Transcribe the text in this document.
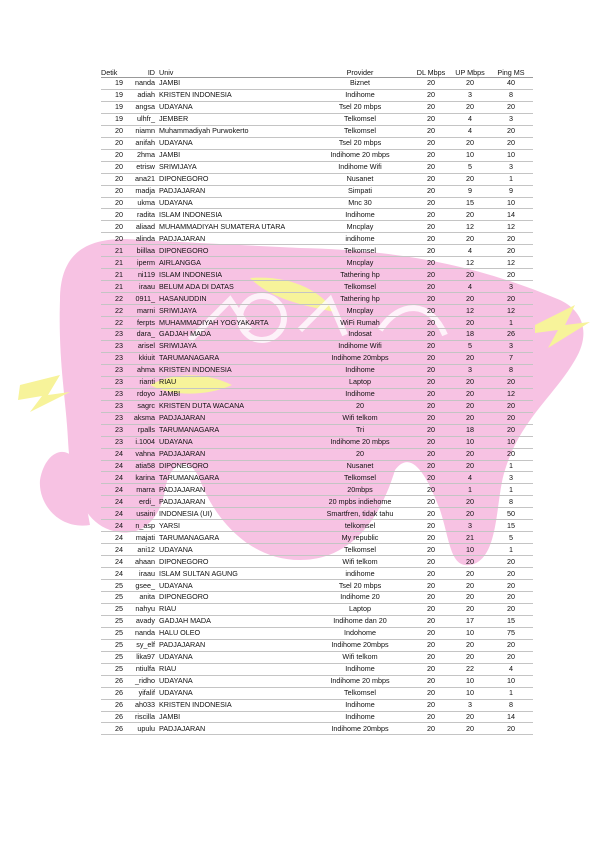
Detik	ID	Univ	Provider	DL Mbps	UP Mbps	Ping MS
19	nanda	JAMBI	Biznet	20	20	40
19	adiah	KRISTEN INDONESIA	Indihome	20	3	8
19	angsa	UDAYANA	Tsel 20 mbps	20	20	20
19	ulhfr_	JEMBER	Telkomsel	20	4	3
20	niamn	Muhammadiyah Purwokerto	Telkomsel	20	4	20
20	anifah	UDAYANA	Tsel 20 mbps	20	20	20
20	2hma	JAMBI	Indihome 20 mbps	20	10	10
20	etrisw	SRIWIJAYA	Indihome Wifi	20	5	3
20	ana21	DIPONEGORO	Nusanet	20	20	1
20	madja	PADJAJARAN	Simpati	20	9	9
20	ukma	UDAYANA	Mnc 30	20	15	10
20	radita	ISLAM INDONESIA	Indihome	20	20	14
20	aliaad	MUHAMMADIYAH SUMATERA UTARA	Mncplay	20	12	12
20	alinda	PADJAJARAN	indihome	20	20	20
21	biillaa	DIPONEGORO	Telkomsel	20	4	20
21	iperm	AIRLANGGA	Mncplay	20	12	12
21	ni119	ISLAM INDONESIA	Tathering hp	20	20	20
21	iraau	BELUM ADA DI DATAS	Telkomsel	20	4	3
22	0911_	HASANUDDIN	Tathering hp	20	20	20
22	marni	SRIWIJAYA	Mncplay	20	12	12
22	ferpts	MUHAMMADIYAH YOGYAKARTA	WiFi Rumah	20	20	1
23	dara_	GADJAH MADA	Indosat	20	18	26
23	arisel	SRIWIJAYA	Indihome Wifi	20	5	3
23	kkiuit	TARUMANAGARA	Indihome 20mbps	20	20	7
23	ahma	KRISTEN INDONESIA	Indihome	20	3	8
23	rianti	RIAU	Laptop	20	20	20
23	rdoyo	JAMBI	Indihome	20	20	12
23	sagrc	KRISTEN DUTA WACANA	20	20	20	20
23	aksma	PADJAJARAN	Wifi telkom	20	20	20
23	rpalls	TARUMANAGARA	Tri	20	18	20
23	i.1004	UDAYANA	Indihome 20 mbps	20	10	10
24	vahna	PADJAJARAN	20	20	20	20
24	atia58	DIPONEGORO	Nusanet	20	20	1
24	karina	TARUMANAGARA	Telkomsel	20	4	3
24	marra	PADJAJARAN	20mbps	20	1	1
24	erdi_	PADJAJARAN	20 mpbs indiehome	20	20	8
24	usaini	INDONESIA (UI)	Smartfren, tidak tahu	20	20	50
24	n_asp	YARSI	telkomsel	20	3	15
24	majati	TARUMANAGARA	My republic	20	21	5
24	ani12	UDAYANA	Telkomsel	20	10	1
24	ahaan	DIPONEGORO	Wifi telkom	20	20	20
24	iraau	ISLAM SULTAN AGUNG	indihome	20	20	20
25	gsee_	UDAYANA	Tsel 20 mbps	20	20	20
25	anita	DIPONEGORO	Indihome 20	20	20	20
25	nahyu	RIAU	Laptop	20	20	20
25	avady	GADJAH MADA	Indihome dan 20	20	17	15
25	nanda	HALU OLEO	Indohome	20	10	75
25	sy_elf	PADJAJARAN	Indihome 20mbps	20	20	20
25	lika97	UDAYANA	Wifi telkom	20	20	20
25	ntiulfa	RIAU	Indihome	20	22	4
26	_ridho	UDAYANA	Indihome 20 mbps	20	10	10
26	yifalif	UDAYANA	Telkomsel	20	10	1
26	ah033	KRISTEN INDONESIA	Indihome	20	3	8
26	riscilla	JAMBI	Indihome	20	20	14
26	upulu	PADJAJARAN	Indihome 20mbps	20	20	20
